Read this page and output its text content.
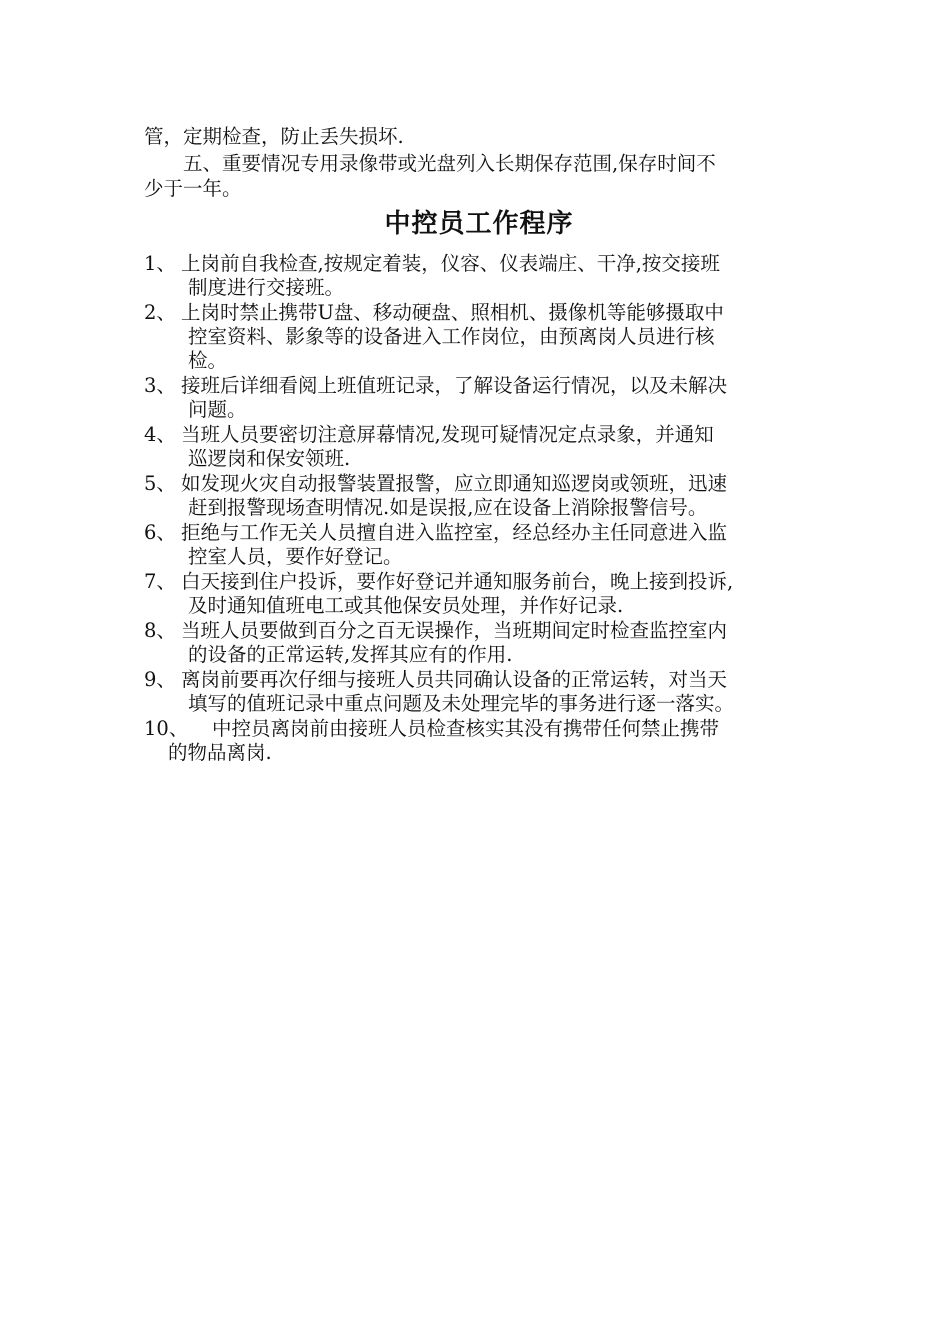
管，定期检查，防止丢失损坏.
　　五、重要情况专用录像带或光盘列入长期保存范围,保存时间不
少于一年。
中控员工作程序
1、 上岗前自我检查,按规定着装，仪容、仪表端庄、干净,按交接班
制度进行交接班。
2、 上岗时禁止携带U盘、移动硬盘、照相机、摄像机等能够摄取中
控室资料、影象等的设备进入工作岗位，由预离岗人员进行核
检。
3、 接班后详细看阅上班值班记录，了解设备运行情况，以及未解决
问题。
4、 当班人员要密切注意屏幕情况,发现可疑情况定点录象，并通知
巡逻岗和保安领班.
5、 如发现火灾自动报警装置报警，应立即通知巡逻岗或领班，迅速
赶到报警现场查明情况.如是误报,应在设备上消除报警信号。
6、 拒绝与工作无关人员擅自进入监控室，经总经办主任同意进入监
控室人员，要作好登记。
7、 白天接到住户投诉，要作好登记并通知服务前台，晚上接到投诉,
及时通知值班电工或其他保安员处理，并作好记录.
8、 当班人员要做到百分之百无误操作，当班期间定时检查监控室内
的设备的正常运转,发挥其应有的作用.
9、 离岗前要再次仔细与接班人员共同确认设备的正常运转，对当天
填写的值班记录中重点问题及未处理完毕的事务进行逐一落实。
10、	中控员离岗前由接班人员检查核实其没有携带任何禁止携带
的物品离岗.
